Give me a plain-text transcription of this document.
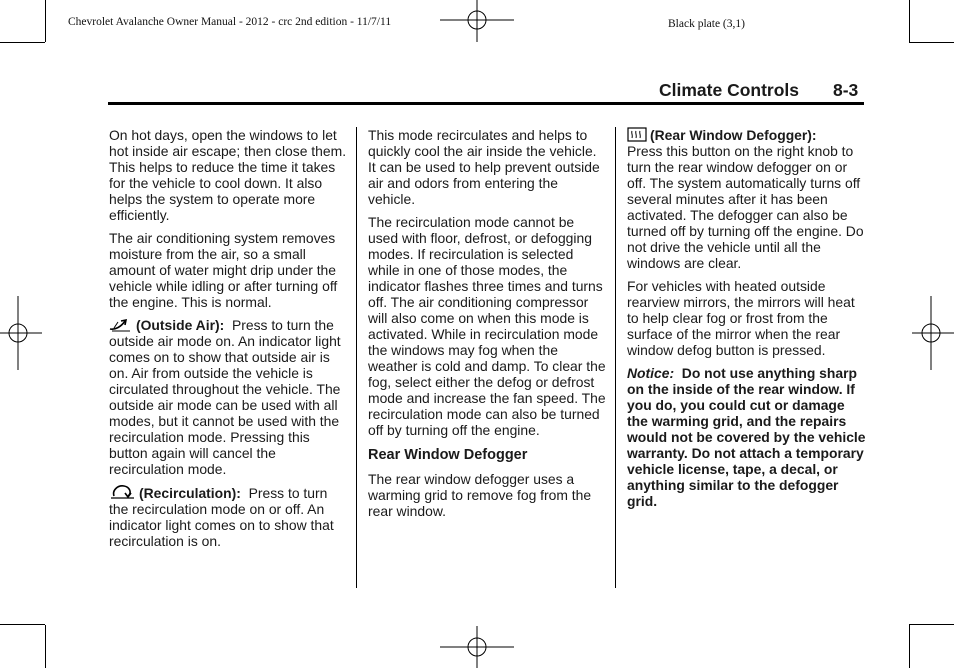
Chevrolet Avalanche Owner Manual - 2012 - crc 2nd edition - 11/7/11	Black plate (3,1)
Climate Controls 8-3

On hot days, open the windows to let hot inside air escape; then close them. This helps to reduce the time it takes for the vehicle to cool down. It also helps the system to operate more efficiently.

The air conditioning system removes moisture from the air, so a small amount of water might drip under the vehicle while idling or after turning off the engine. This is normal.

(Outside Air): Press to turn the outside air mode on. An indicator light comes on to show that outside air is on. Air from outside the vehicle is circulated throughout the vehicle. The outside air mode can be used with all modes, but it cannot be used with the recirculation mode. Pressing this button again will cancel the recirculation mode.

(Recirculation): Press to turn the recirculation mode on or off. An indicator light comes on to show that recirculation is on.

This mode recirculates and helps to quickly cool the air inside the vehicle. It can be used to help prevent outside air and odors from entering the vehicle.

The recirculation mode cannot be used with floor, defrost, or defogging modes. If recirculation is selected while in one of those modes, the indicator flashes three times and turns off. The air conditioning compressor will also come on when this mode is activated. While in recirculation mode the windows may fog when the weather is cold and damp. To clear the fog, select either the defog or defrost mode and increase the fan speed. The recirculation mode can also be turned off by turning off the engine.

Rear Window Defogger

The rear window defogger uses a warming grid to remove fog from the rear window.

(Rear Window Defogger):
Press this button on the right knob to turn the rear window defogger on or off. The system automatically turns off several minutes after it has been activated. The defogger can also be turned off by turning off the engine. Do not drive the vehicle until all the windows are clear.

For vehicles with heated outside rearview mirrors, the mirrors will heat to help clear fog or frost from the surface of the mirror when the rear window defog button is pressed.

Notice: Do not use anything sharp on the inside of the rear window. If you do, you could cut or damage the warming grid, and the repairs would not be covered by the vehicle warranty. Do not attach a temporary vehicle license, tape, a decal, or anything similar to the defogger grid.
